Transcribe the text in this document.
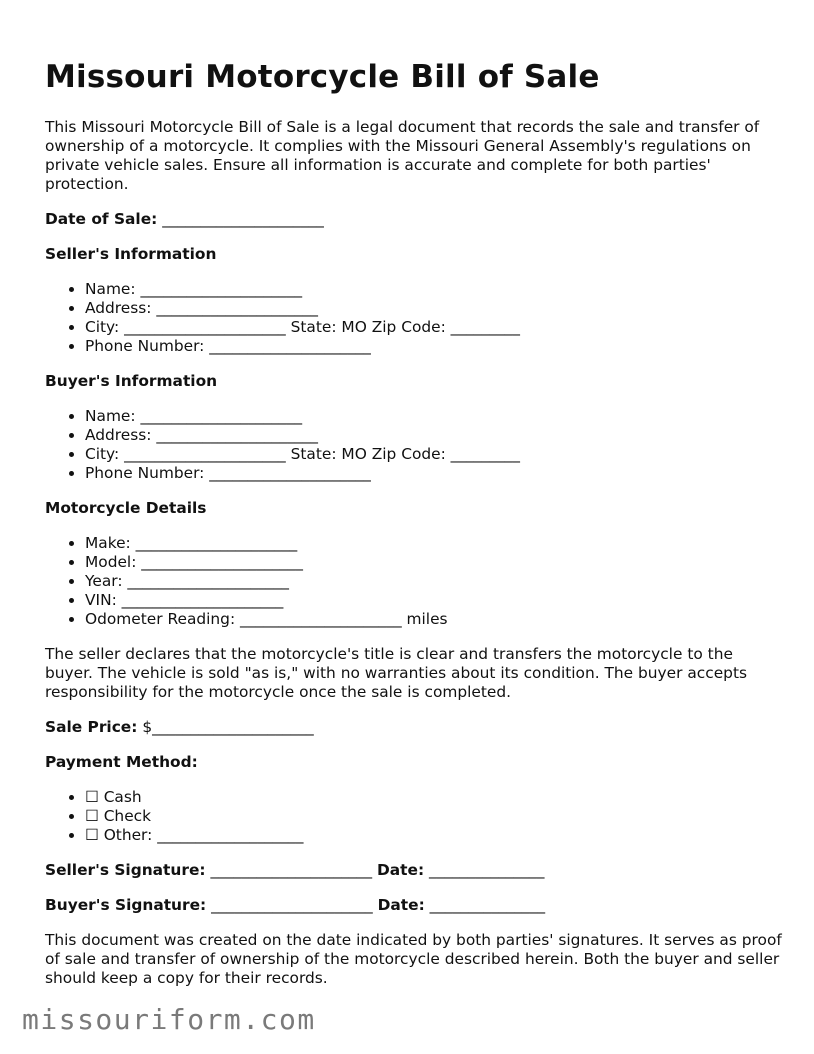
Missouri Motorcycle Bill of Sale

This Missouri Motorcycle Bill of Sale is a legal document that records the sale and transfer of ownership of a motorcycle. It complies with the Missouri General Assembly's regulations on private vehicle sales. Ensure all information is accurate and complete for both parties' protection.

Date of Sale: _____________________
Seller's Information
• Name: _____________________
• Address: _____________________
• City: _____________________ State: MO Zip Code: _________
• Phone Number: _____________________
Buyer's Information
• Name: _____________________
• Address: _____________________
• City: _____________________ State: MO Zip Code: _________
• Phone Number: _____________________
Motorcycle Details
• Make: _____________________
• Model: _____________________
• Year: _____________________
• VIN: _____________________
• Odometer Reading: _____________________ miles

The seller declares that the motorcycle's title is clear and transfers the motorcycle to the buyer. The vehicle is sold "as is," with no warranties about its condition. The buyer accepts responsibility for the motorcycle once the sale is completed.

Sale Price: $_____________________
Payment Method:
• ☐ Cash
• ☐ Check
• ☐ Other: ___________________
Seller's Signature: _____________________ Date: _______________
Buyer's Signature: _____________________ Date: _______________

This document was created on the date indicated by both parties' signatures. It serves as proof of sale and transfer of ownership of the motorcycle described herein. Both the buyer and seller should keep a copy for their records.

missouriform.com
